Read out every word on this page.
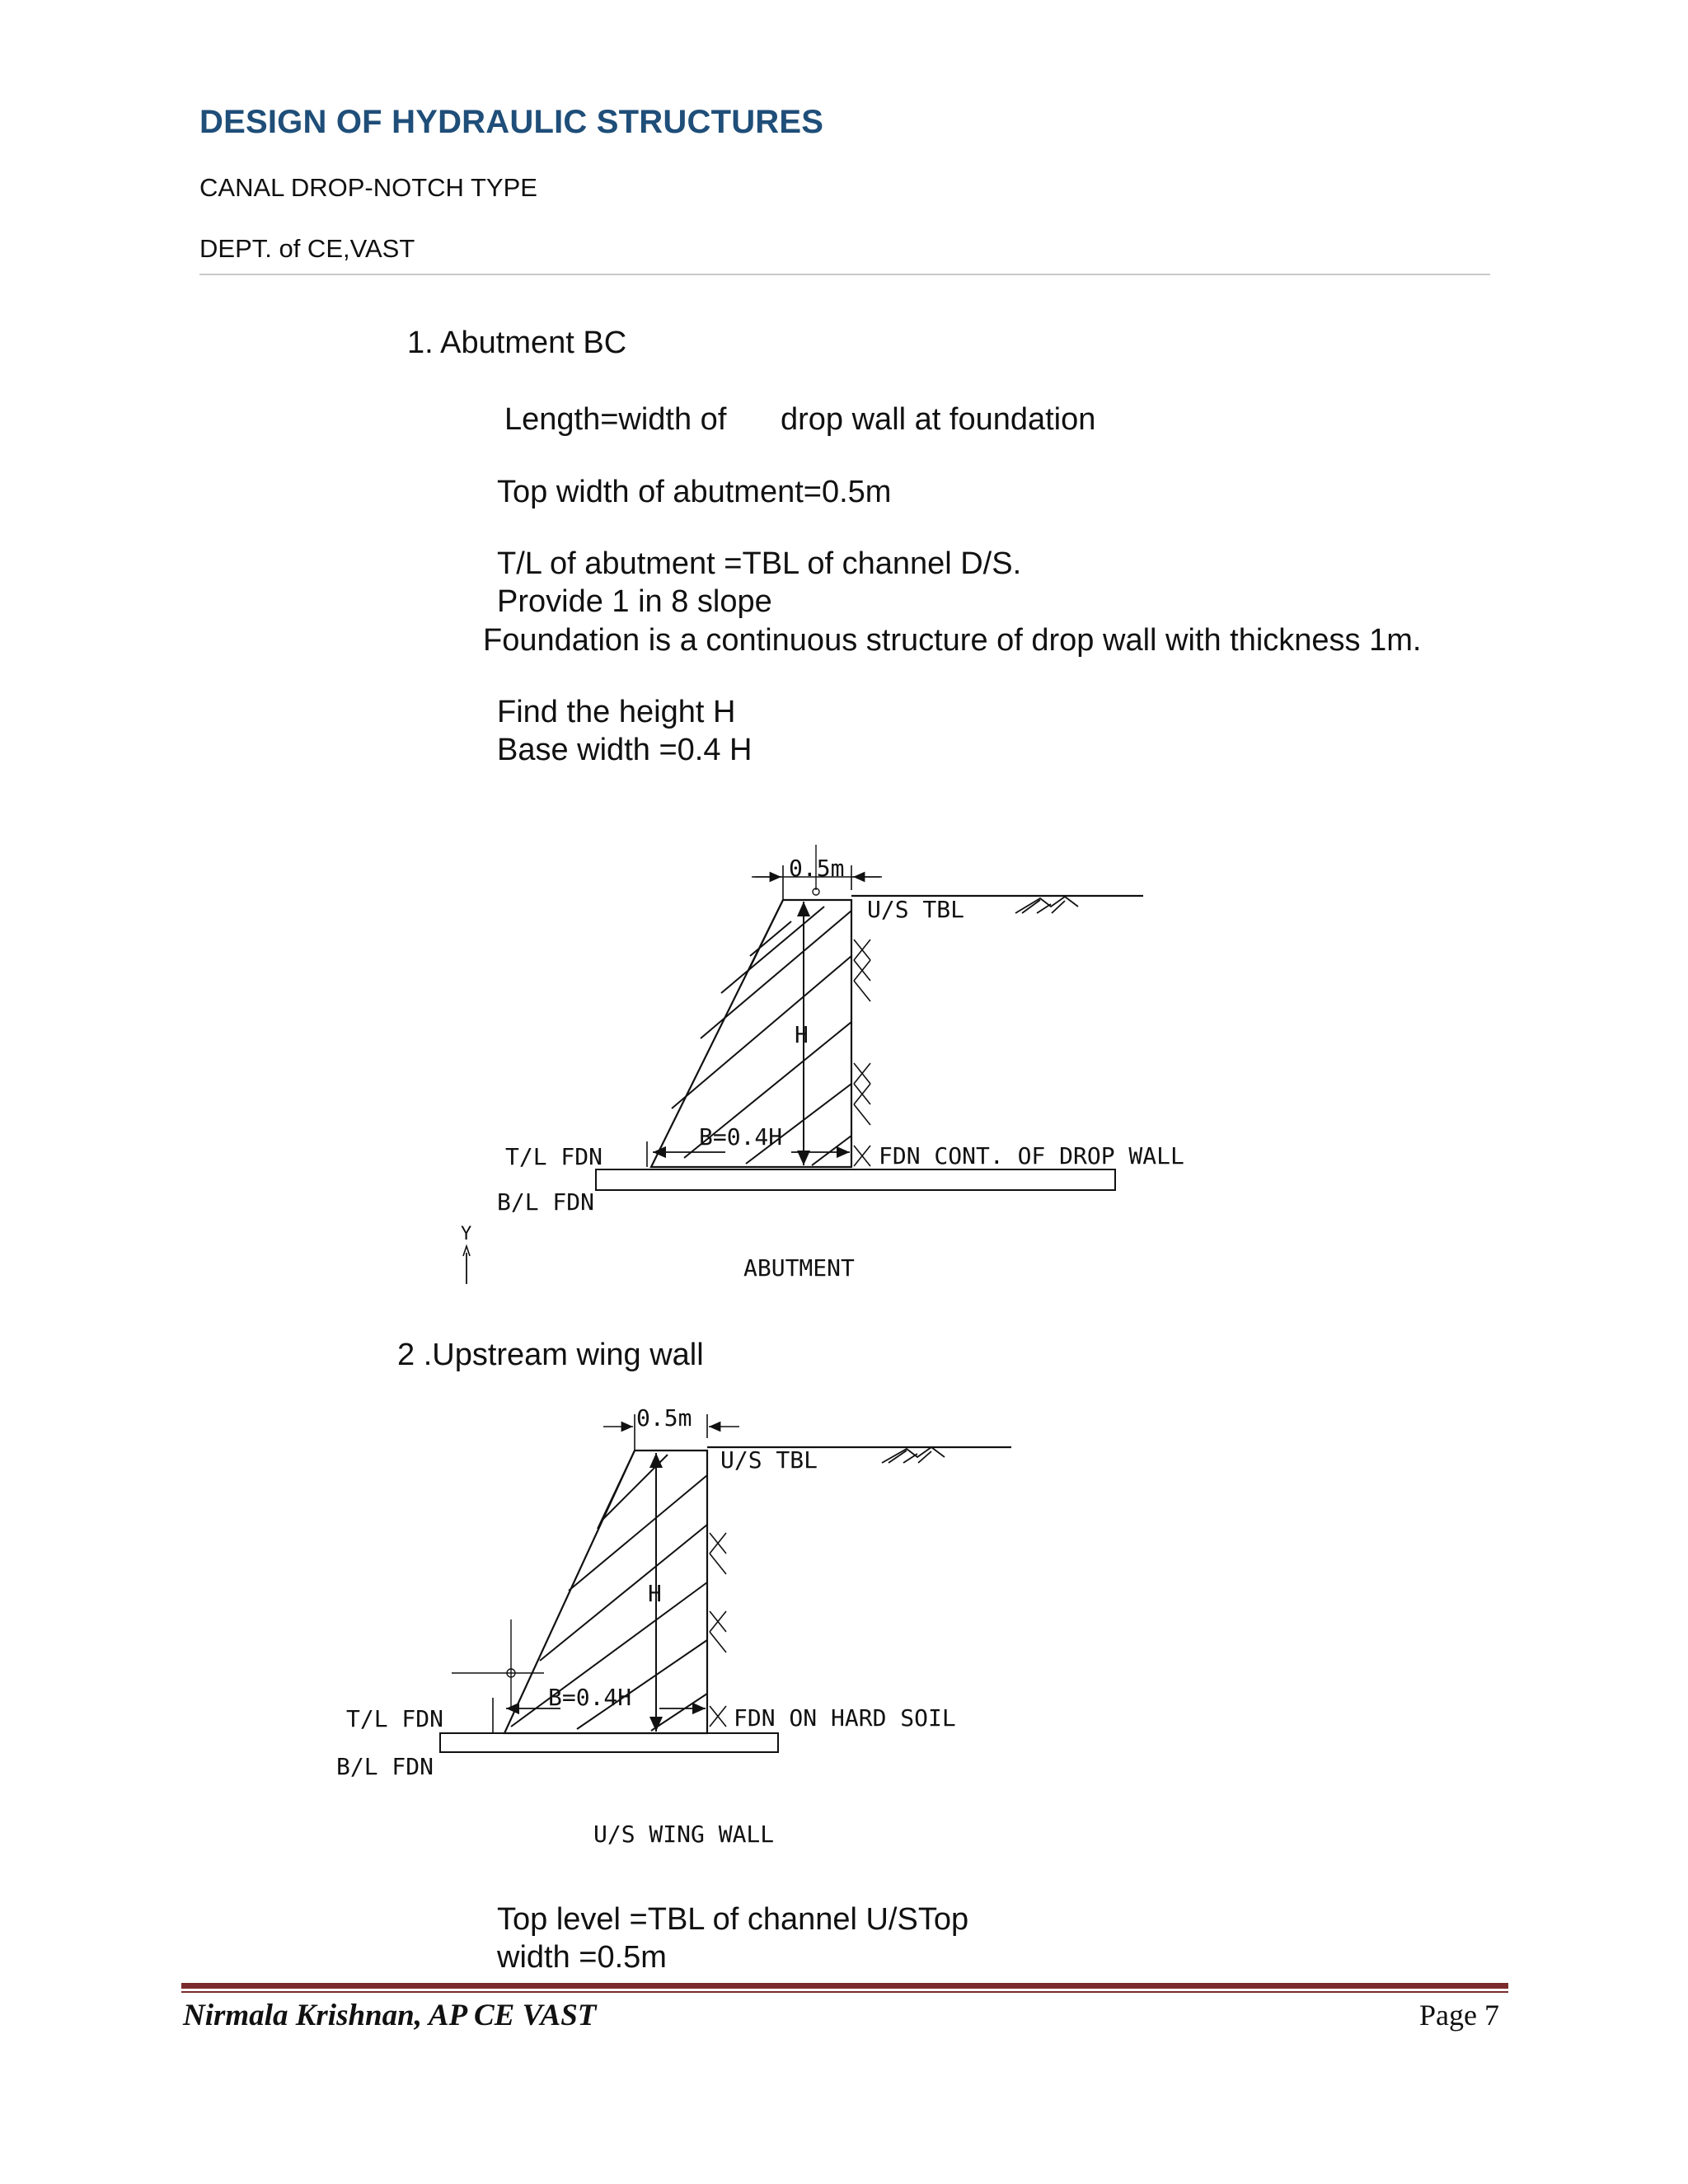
DESIGN OF HYDRAULIC STRUCTURES
CANAL DROP-NOTCH TYPE
DEPT. of CE,VAST
1. Abutment BC
Length=width of drop wall at foundation
Top width of abutment=0.5m
T/L of abutment =TBL of channel D/S.
Provide 1 in 8 slope
Foundation is a continuous structure of drop wall with thickness 1m.
Find the height H
Base width =0.4 H
2 .Upstream wing wall
Top level =TBL of channel U/STop
width =0.5m
0.5m
U/S TBL
H
B=0.4H
T/L FDN
B/L FDN
FDN CONT. OF DROP WALL
Y
ABUTMENT
0.5m
U/S TBL
H
B=0.4H
T/L FDN
B/L FDN
FDN ON HARD SOIL
U/S WING WALL
Nirmala Krishnan, AP CE VAST	Page 7
